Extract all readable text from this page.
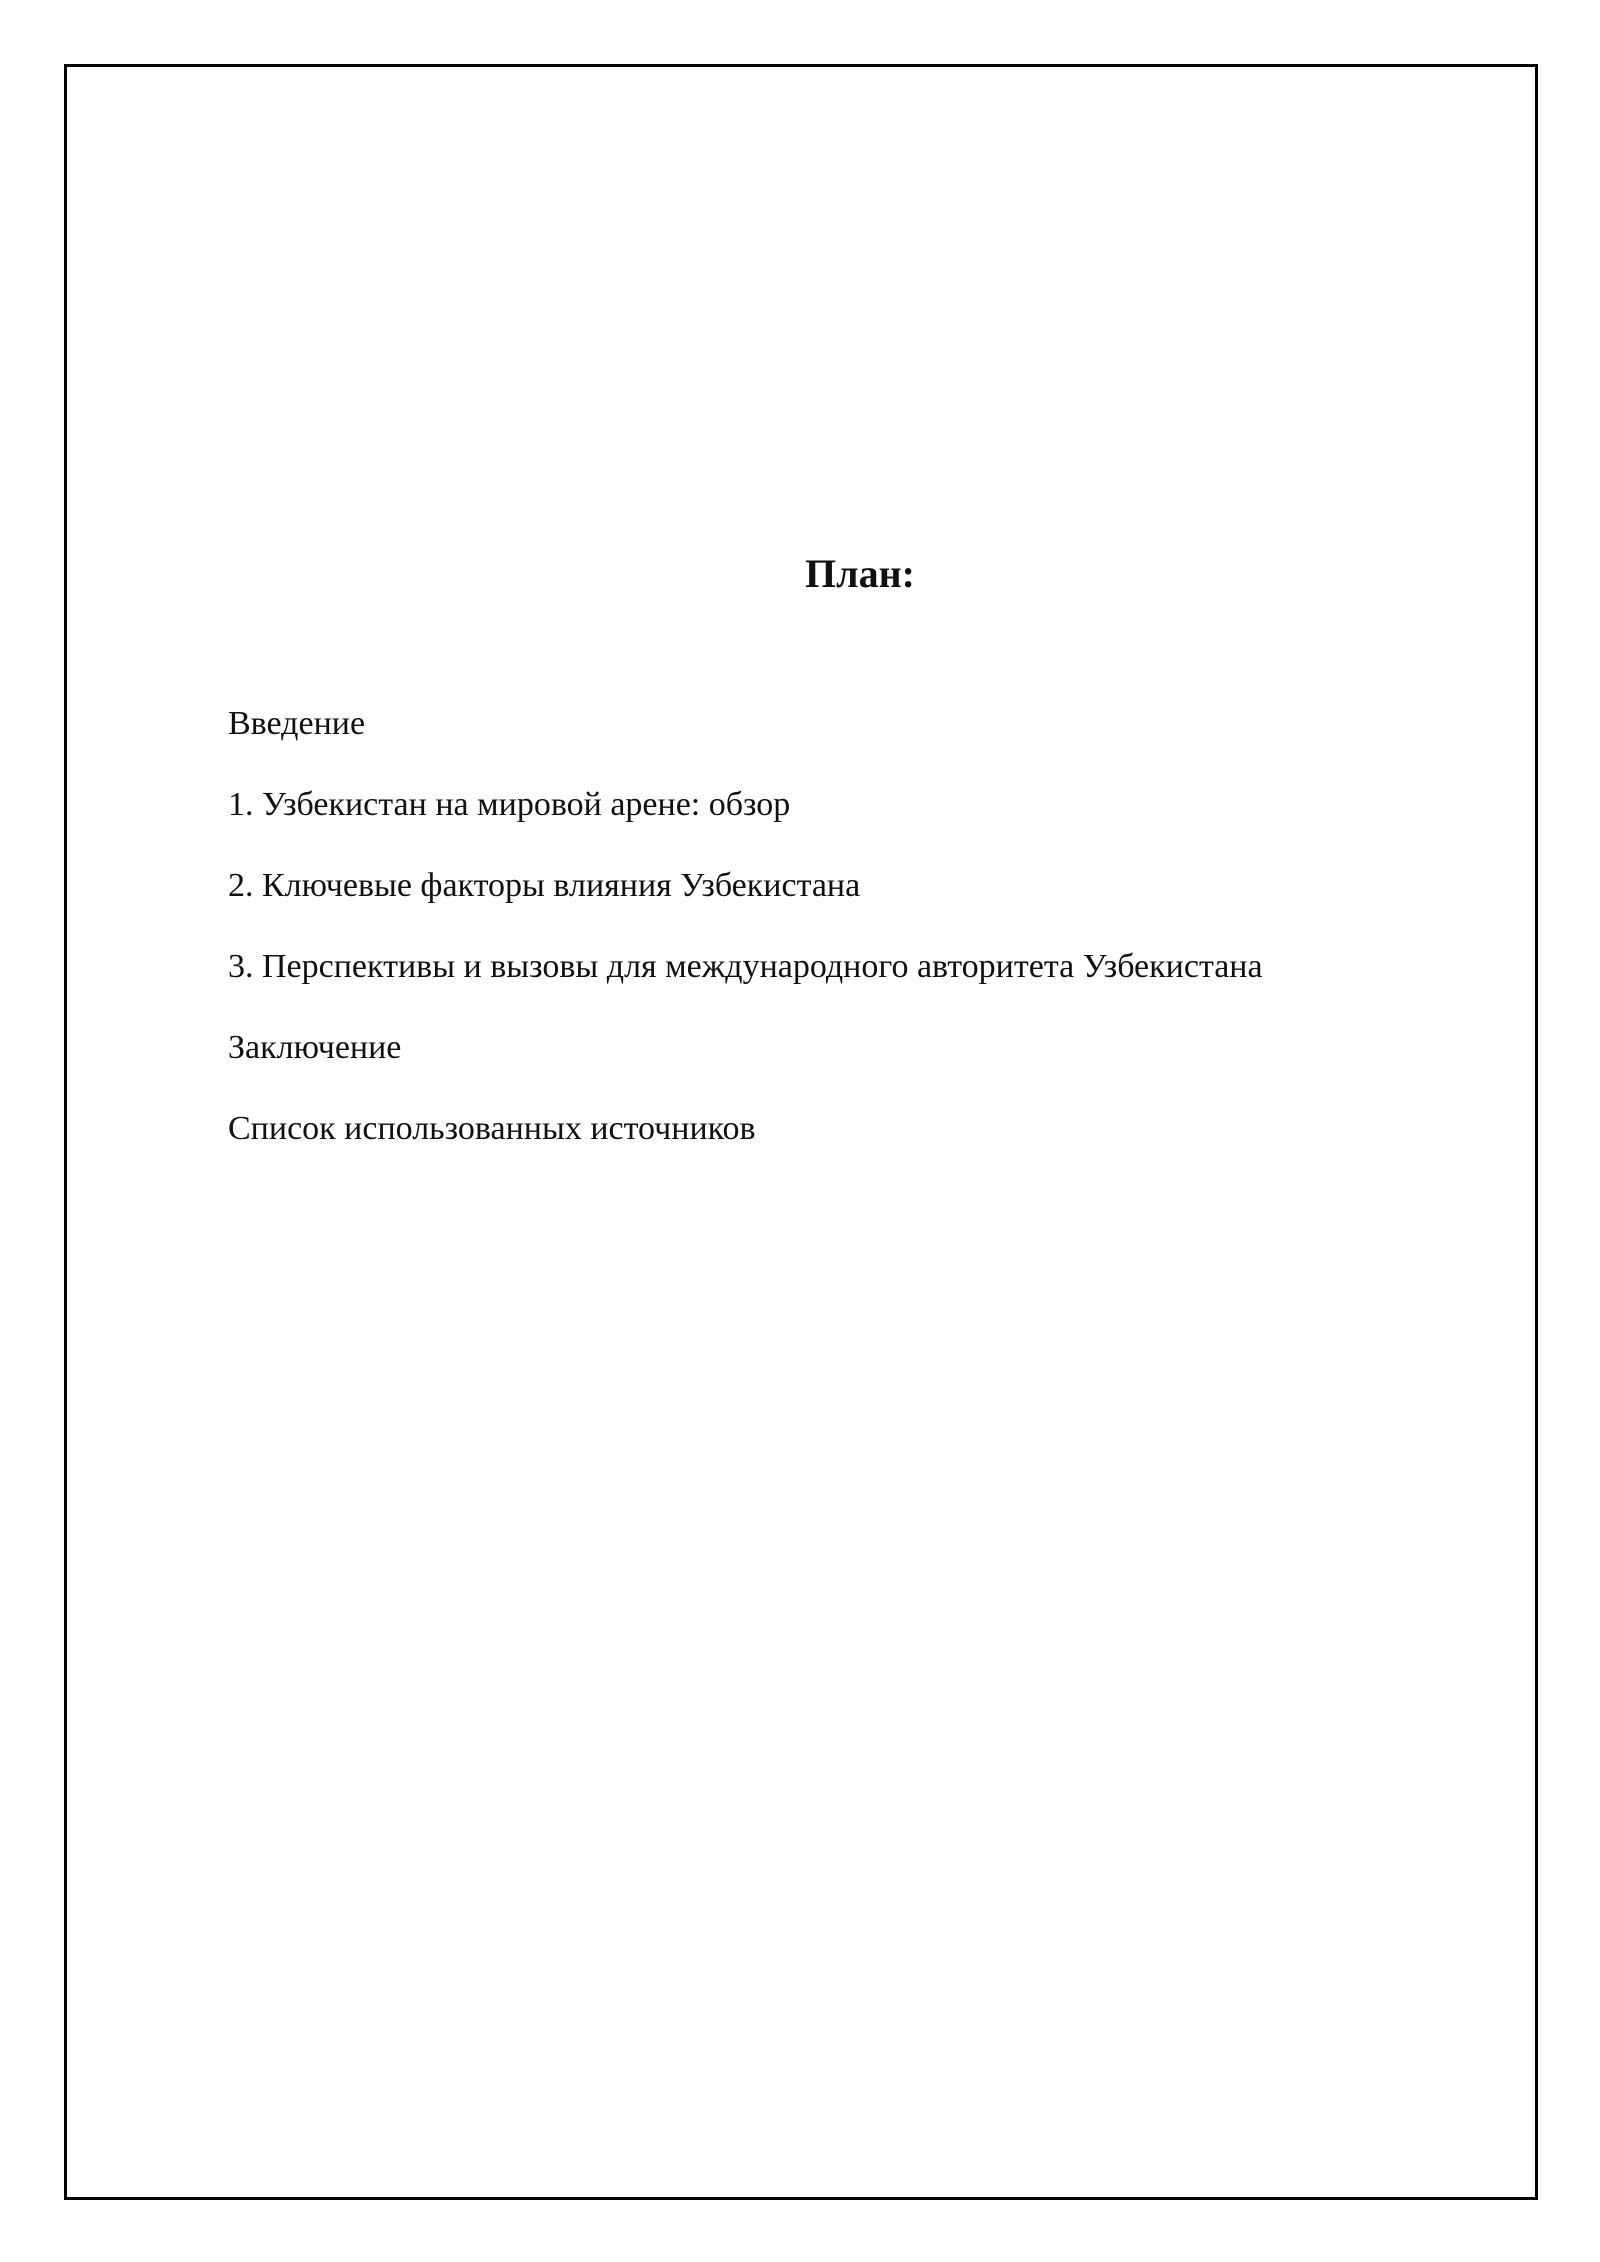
План:
Введение
1. Узбекистан на мировой арене: обзор
2. Ключевые факторы влияния Узбекистана
3. Перспективы и вызовы для международного авторитета Узбекистана
Заключение
Список использованных источников
